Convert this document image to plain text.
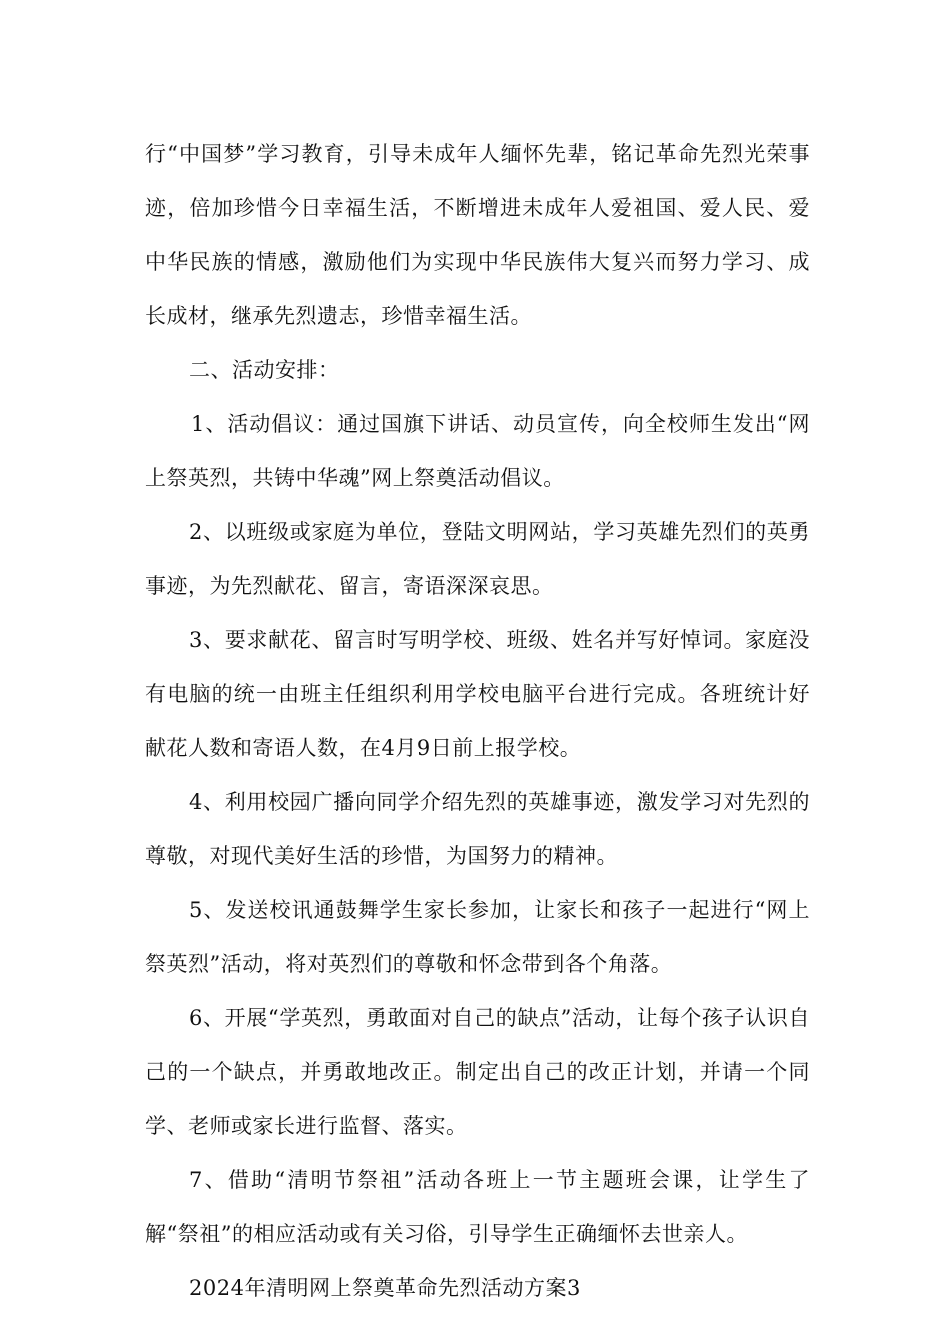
行“中国梦”学习教育，引导未成年人缅怀先辈，铭记革命先烈光荣事迹，倍加珍惜今日幸福生活，不断增进未成年人爱祖国、爱人民、爱中华民族的情感，激励他们为实现中华民族伟大复兴而努力学习、成长成材，继承先烈遗志，珍惜幸福生活。

二、活动安排：

1、活动倡议：通过国旗下讲话、动员宣传，向全校师生发出“网上祭英烈，共铸中华魂”网上祭奠活动倡议。

2、以班级或家庭为单位，登陆文明网站，学习英雄先烈们的英勇事迹，为先烈献花、留言，寄语深深哀思。

3、要求献花、留言时写明学校、班级、姓名并写好悼词。家庭没有电脑的统一由班主任组织利用学校电脑平台进行完成。各班统计好献花人数和寄语人数，在4月9日前上报学校。

4、利用校园广播向同学介绍先烈的英雄事迹，激发学习对先烈的尊敬，对现代美好生活的珍惜，为国努力的精神。

5、发送校讯通鼓舞学生家长参加，让家长和孩子一起进行“网上祭英烈”活动，将对英烈们的尊敬和怀念带到各个角落。

6、开展“学英烈，勇敢面对自己的缺点”活动，让每个孩子认识自己的一个缺点，并勇敢地改正。制定出自己的改正计划，并请一个同学、老师或家长进行监督、落实。

7、借助“清明节祭祖”活动各班上一节主题班会课，让学生了解“祭祖”的相应活动或有关习俗，引导学生正确缅怀去世亲人。

2024年清明网上祭奠革命先烈活动方案3
